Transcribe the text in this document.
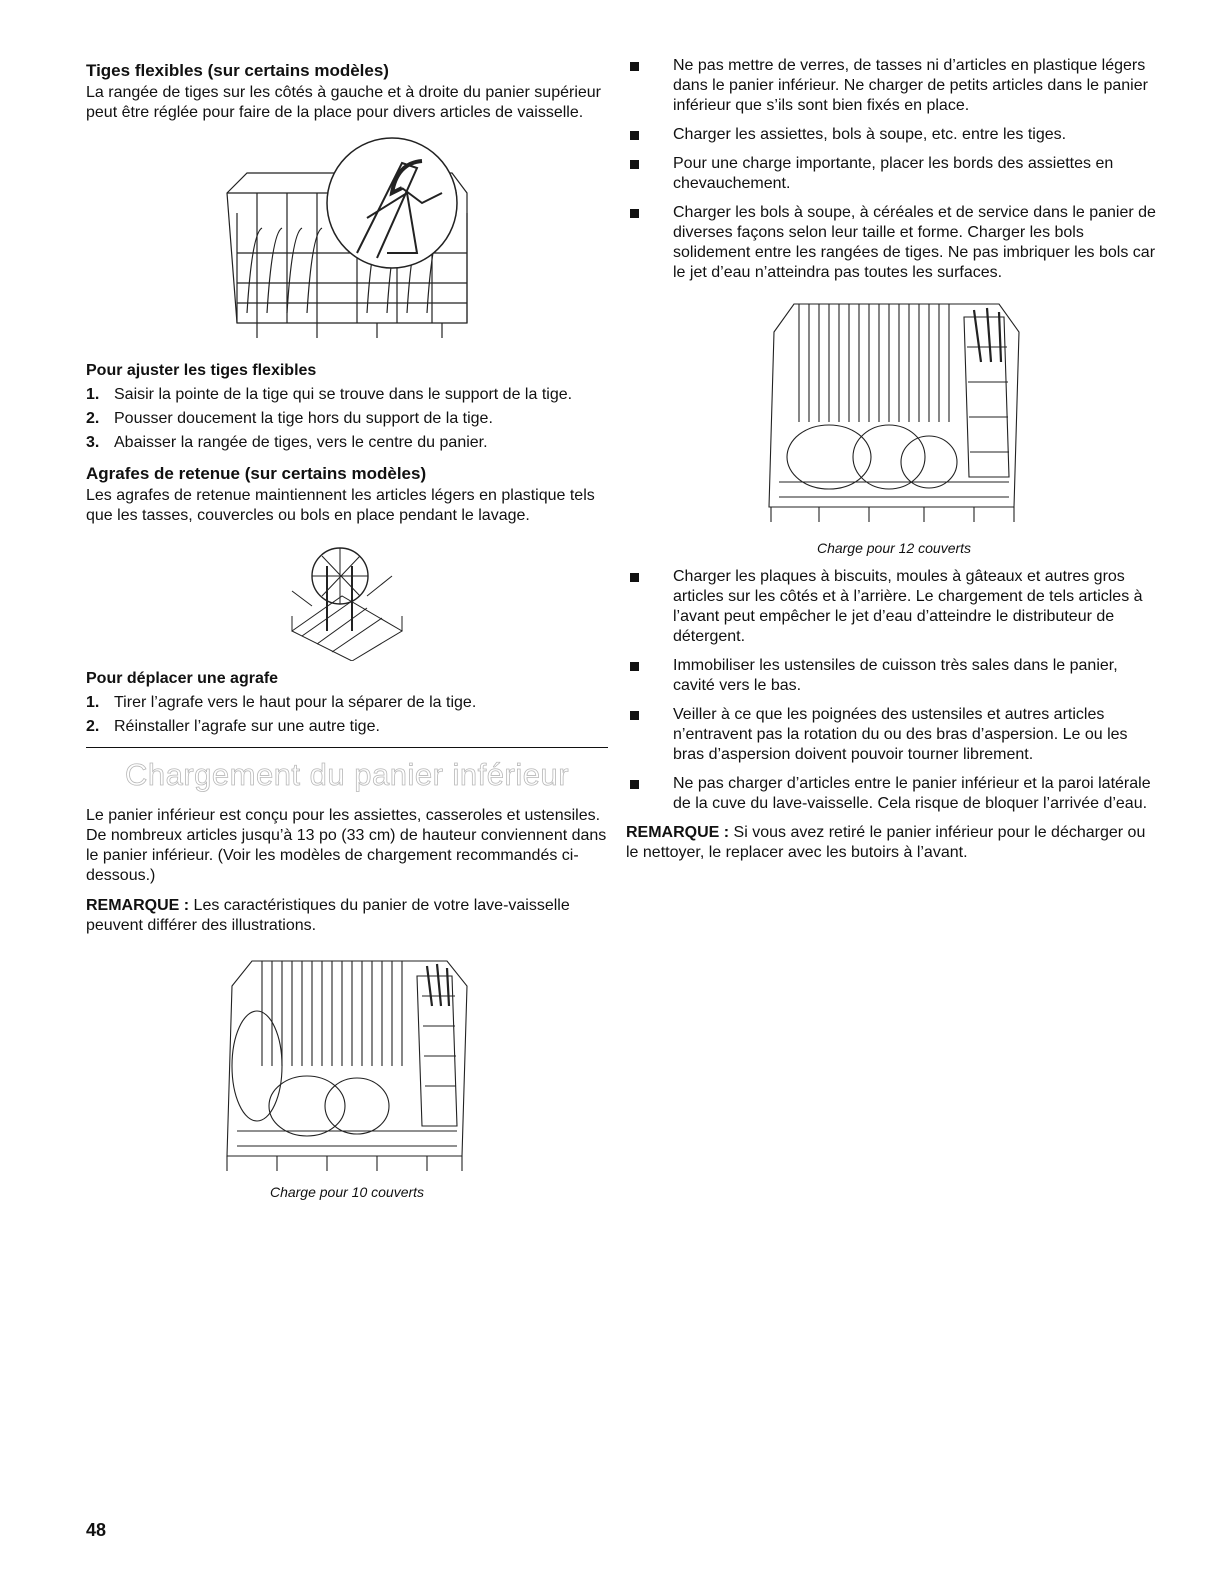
Tiges flexibles (sur certains modèles)

La rangée de tiges sur les côtés à gauche et à droite du panier supérieur peut être réglée pour faire de la place pour divers articles de vaisselle.

Pour ajuster les tiges flexibles
1. Saisir la pointe de la tige qui se trouve dans le support de la tige.
2. Pousser doucement la tige hors du support de la tige.
3. Abaisser la rangée de tiges, vers le centre du panier.
Agrafes de retenue (sur certains modèles)

Les agrafes de retenue maintiennent les articles légers en plastique tels que les tasses, couvercles ou bols en place pendant le lavage.

Pour déplacer une agrafe
1. Tirer l’agrafe vers le haut pour la séparer de la tige.
2. Réinstaller l’agrafe sur une autre tige.
Chargement du panier inférieur

Le panier inférieur est conçu pour les assiettes, casseroles et ustensiles. De nombreux articles jusqu’à 13 po (33 cm) de hauteur conviennent dans le panier inférieur. (Voir les modèles de chargement recommandés ci-dessous.)

REMARQUE : Les caractéristiques du panier de votre lave-vaisselle peuvent différer des illustrations.

Charge pour 10 couverts
Ne pas mettre de verres, de tasses ni d’articles en plastique légers dans le panier inférieur. Ne charger de petits articles dans le panier inférieur que s’ils sont bien fixés en place.
Charger les assiettes, bols à soupe, etc. entre les tiges.
Pour une charge importante, placer les bords des assiettes en chevauchement.
Charger les bols à soupe, à céréales et de service dans le panier de diverses façons selon leur taille et forme. Charger les bols solidement entre les rangées de tiges. Ne pas imbriquer les bols car le jet d’eau n’atteindra pas toutes les surfaces.
Charge pour 12 couverts
Charger les plaques à biscuits, moules à gâteaux et autres gros articles sur les côtés et à l’arrière. Le chargement de tels articles à l’avant peut empêcher le jet d’eau d’atteindre le distributeur de détergent.
Immobiliser les ustensiles de cuisson très sales dans le panier, cavité vers le bas.
Veiller à ce que les poignées des ustensiles et autres articles n’entravent pas la rotation du ou des bras d’aspersion. Le ou les bras d’aspersion doivent pouvoir tourner librement.
Ne pas charger d’articles entre le panier inférieur et la paroi latérale de la cuve du lave-vaisselle. Cela risque de bloquer l’arrivée d’eau.

REMARQUE : Si vous avez retiré le panier inférieur pour le décharger ou le nettoyer, le replacer avec les butoirs à l’avant.

48
